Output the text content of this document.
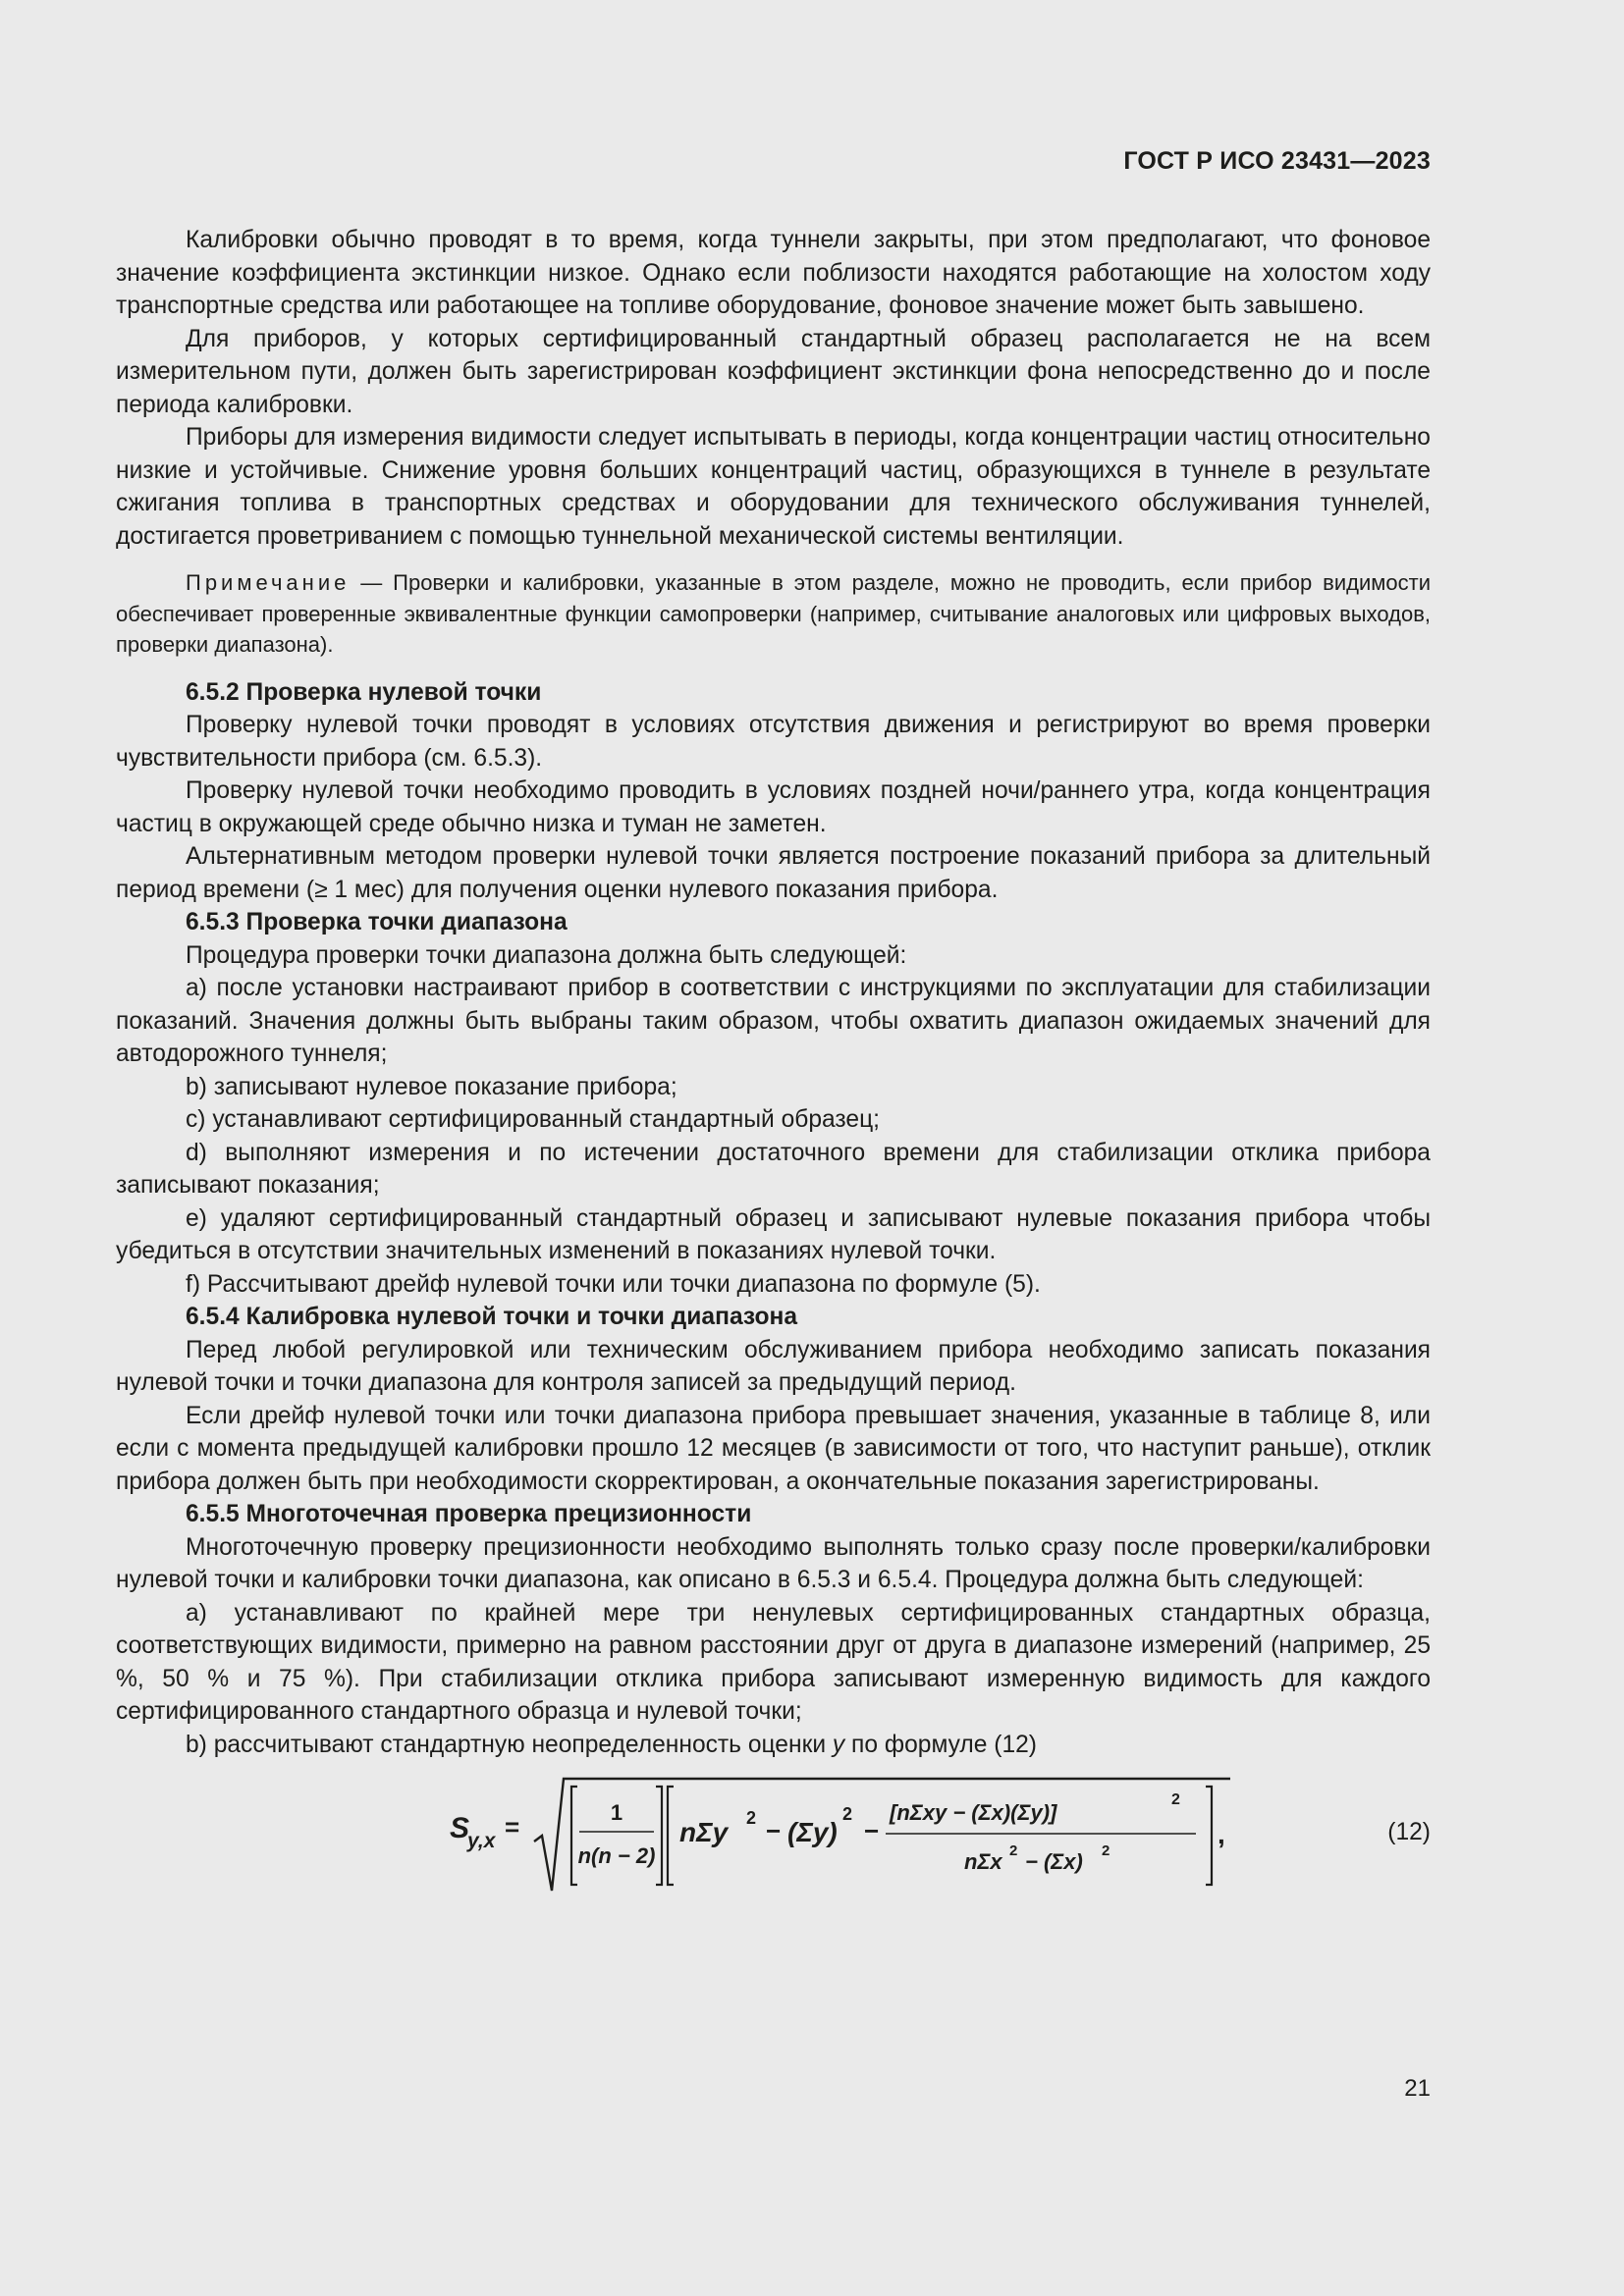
ГОСТ Р ИСО 23431—2023

Калибровки обычно проводят в то время, когда туннели закрыты, при этом предполагают, что фоновое значение коэффициента экстинкции низкое. Однако если поблизости находятся работающие на холостом ходу транспортные средства или работающее на топливе оборудование, фоновое значение может быть завышено.

Для приборов, у которых сертифицированный стандартный образец располагается не на всем измерительном пути, должен быть зарегистрирован коэффициент экстинкции фона непосредственно до и после периода калибровки.

Приборы для измерения видимости следует испытывать в периоды, когда концентрации частиц относительно низкие и устойчивые. Снижение уровня больших концентраций частиц, образующихся в туннеле в результате сжигания топлива в транспортных средствах и оборудовании для технического обслуживания туннелей, достигается проветриванием с помощью туннельной механической системы вентиляции.

Примечание — Проверки и калибровки, указанные в этом разделе, можно не проводить, если прибор видимости обеспечивает проверенные эквивалентные функции самопроверки (например, считывание аналоговых или цифровых выходов, проверки диапазона).

6.5.2 Проверка нулевой точки

Проверку нулевой точки проводят в условиях отсутствия движения и регистрируют во время проверки чувствительности прибора (см. 6.5.3).

Проверку нулевой точки необходимо проводить в условиях поздней ночи/раннего утра, когда концентрация частиц в окружающей среде обычно низка и туман не заметен.

Альтернативным методом проверки нулевой точки является построение показаний прибора за длительный период времени (≥ 1 мес) для получения оценки нулевого показания прибора.

6.5.3 Проверка точки диапазона

Процедура проверки точки диапазона должна быть следующей:

a) после установки настраивают прибор в соответствии с инструкциями по эксплуатации для стабилизации показаний. Значения должны быть выбраны таким образом, чтобы охватить диапазон ожидаемых значений для автодорожного туннеля;

b) записывают нулевое показание прибора;

c) устанавливают сертифицированный стандартный образец;

d) выполняют измерения и по истечении достаточного времени для стабилизации отклика прибора записывают показания;

e) удаляют сертифицированный стандартный образец и записывают нулевые показания прибора чтобы убедиться в отсутствии значительных изменений в показаниях нулевой точки.

f) Рассчитывают дрейф нулевой точки или точки диапазона по формуле (5).

6.5.4 Калибровка нулевой точки и точки диапазона

Перед любой регулировкой или техническим обслуживанием прибора необходимо записать показания нулевой точки и точки диапазона для контроля записей за предыдущий период.

Если дрейф нулевой точки или точки диапазона прибора превышает значения, указанные в таблице 8, или если с момента предыдущей калибровки прошло 12 месяцев (в зависимости от того, что наступит раньше), отклик прибора должен быть при необходимости скорректирован, а окончательные показания зарегистрированы.

6.5.5 Многоточечная проверка прецизионности

Многоточечную проверку прецизионности необходимо выполнять только сразу после проверки/калибровки нулевой точки и калибровки точки диапазона, как описано в 6.5.3 и 6.5.4. Процедура должна быть следующей:

a) устанавливают по крайней мере три ненулевых сертифицированных стандартных образца, соответствующих видимости, примерно на равном расстоянии друг от друга в диапазоне измерений (например, 25 %, 50 % и 75 %). При стабилизации отклика прибора записывают измеренную видимость для каждого сертифицированного стандартного образца и нулевой точки;

b) рассчитывают стандартную неопределенность оценки y по формуле (12)

S
y,x =	1
n(n − 2)
nΣy 2 − (Σy)
2
−
[nΣxy − (Σx)(Σy)]
2
nΣx 2 − (Σx) 2
,	(12)
21
